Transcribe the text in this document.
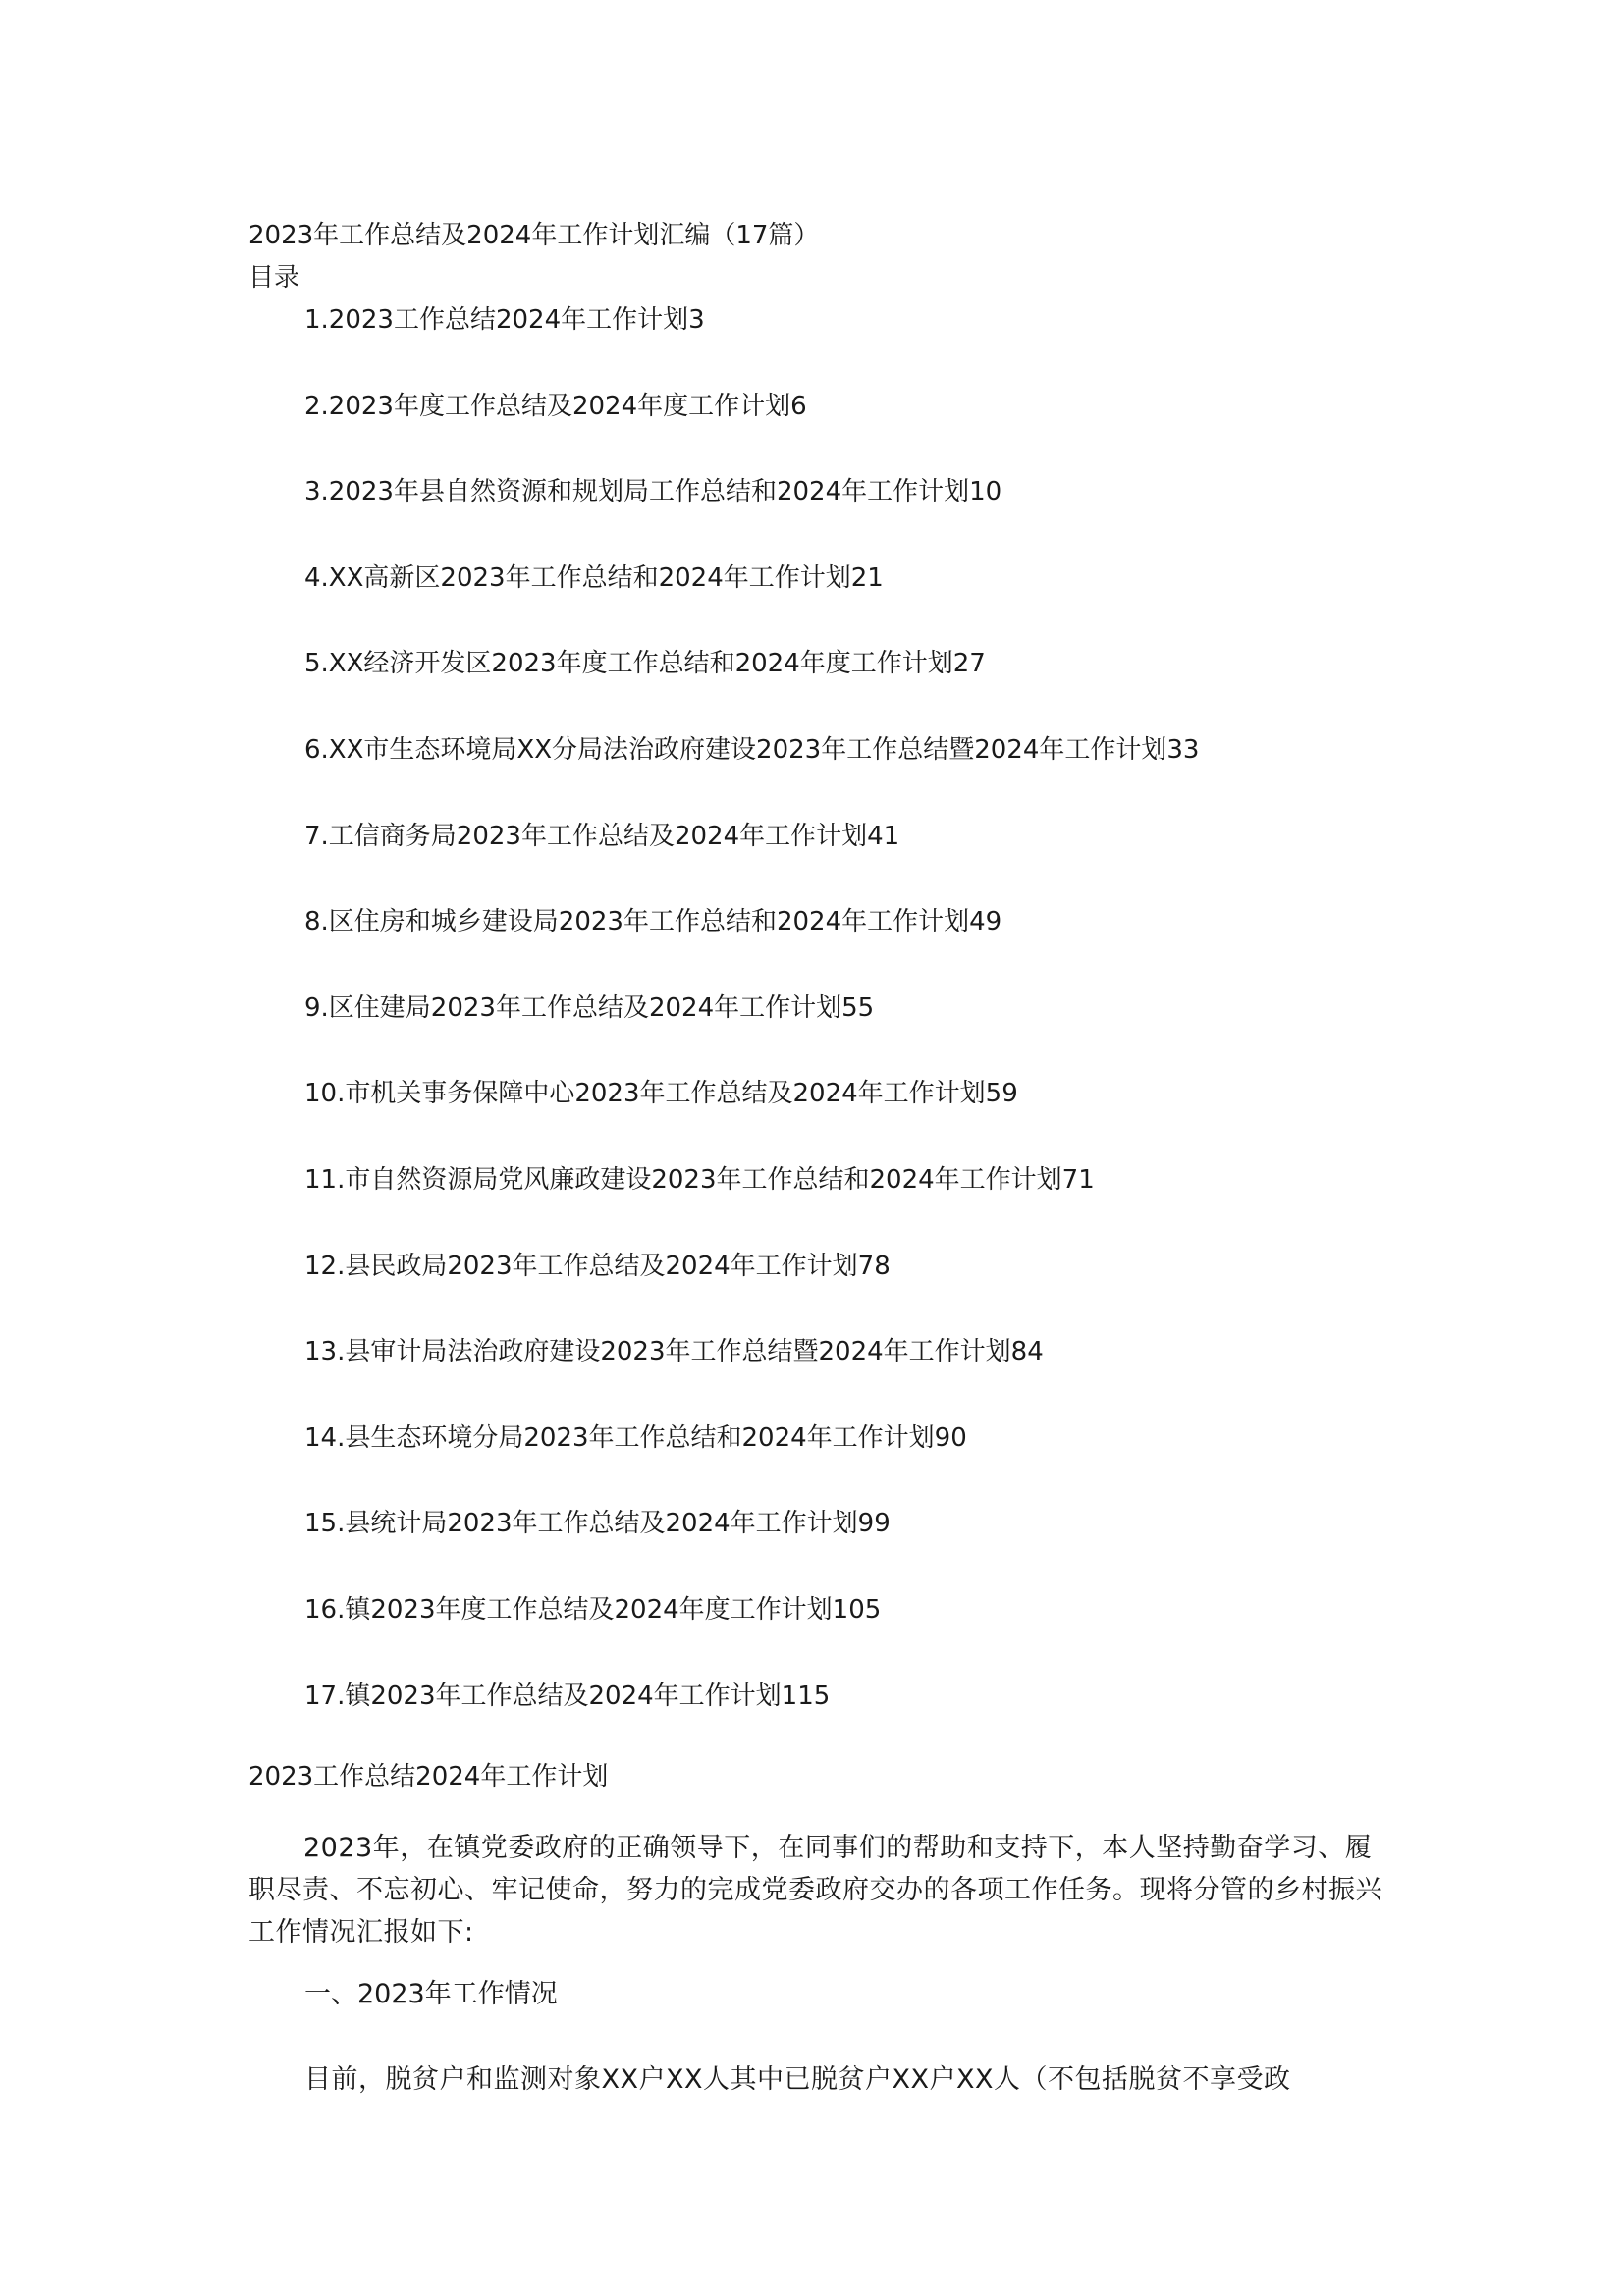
2023年工作总结及2024年工作计划汇编（17篇）
目录
1.2023工作总结2024年工作计划3
2.2023年度工作总结及2024年度工作计划6
3.2023年县自然资源和规划局工作总结和2024年工作计划10
4.XX高新区2023年工作总结和2024年工作计划21
5.XX经济开发区2023年度工作总结和2024年度工作计划27
6.XX市生态环境局XX分局法治政府建设2023年工作总结暨2024年工作计划33
7.工信商务局2023年工作总结及2024年工作计划41
8.区住房和城乡建设局2023年工作总结和2024年工作计划49
9.区住建局2023年工作总结及2024年工作计划55
10.市机关事务保障中心2023年工作总结及2024年工作计划59
11.市自然资源局党风廉政建设2023年工作总结和2024年工作计划71
12.县民政局2023年工作总结及2024年工作计划78
13.县审计局法治政府建设2023年工作总结暨2024年工作计划84
14.县生态环境分局2023年工作总结和2024年工作计划90
15.县统计局2023年工作总结及2024年工作计划99
16.镇2023年度工作总结及2024年度工作计划105
17.镇2023年工作总结及2024年工作计划115
2023工作总结2024年工作计划

2023年，在镇党委政府的正确领导下，在同事们的帮助和支持下，本人坚持勤奋学习、履职尽责、不忘初心、牢记使命，努力的完成党委政府交办的各项工作任务。现将分管的乡村振兴工作情况汇报如下:

一、2023年工作情况
目前，脱贫户和监测对象XX户XX人其中已脱贫户XX户XX人（不包括脱贫不享受政
